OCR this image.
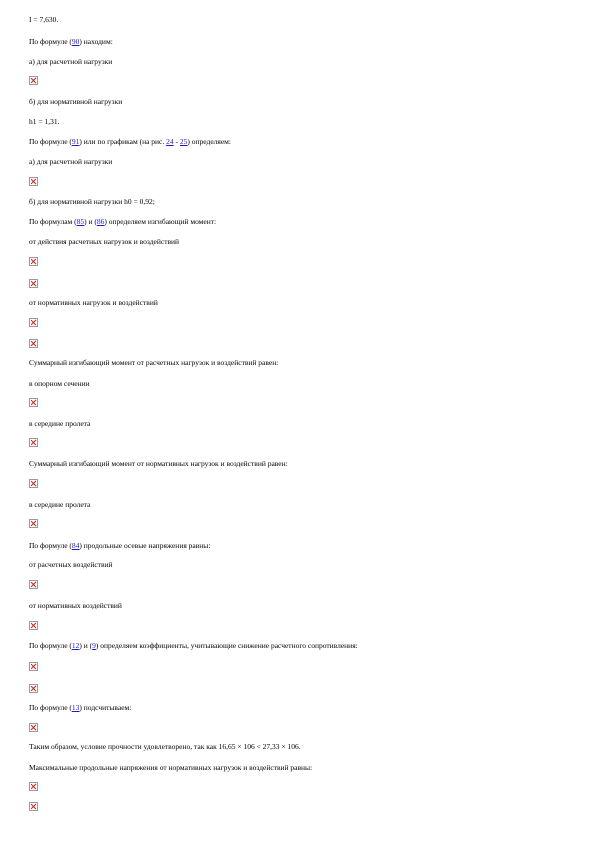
I = 7,630.
По формуле (90) находим:
а) для расчетной нагрузки
б) для нормативной нагрузки
h1 = 1,31.
По формуле (91) или по графикам (на рис. 24 - 25) определяем:
а) для расчетной нагрузки
б) для нормативной нагрузки h0 = 0,92;
По формулам (85) и (86) определяем изгибающий момент:
от действия расчетных нагрузок и воздействий
от нормативных нагрузок и воздействий
Суммарный изгибающий момент от расчетных нагрузок и воздействий равен:
в опорном сечении
в середине пролета
Суммарный изгибающий момент от нормативных нагрузок и воздействий равен:
в середине пролета
По формуле (84) продольные осевые напряжения равны:
от расчетных воздействий
от нормативных воздействий
По формуле (12) и (9) определяем коэффициенты, учитывающие снижение расчетного сопротивления:
По формуле (13) подсчитываем:
Таким образом, условие прочности удовлетворено, так как 16,65 × 106 < 27,33 × 106.
Максимальные продольные напряжения от нормативных нагрузок и воздействий равны:
